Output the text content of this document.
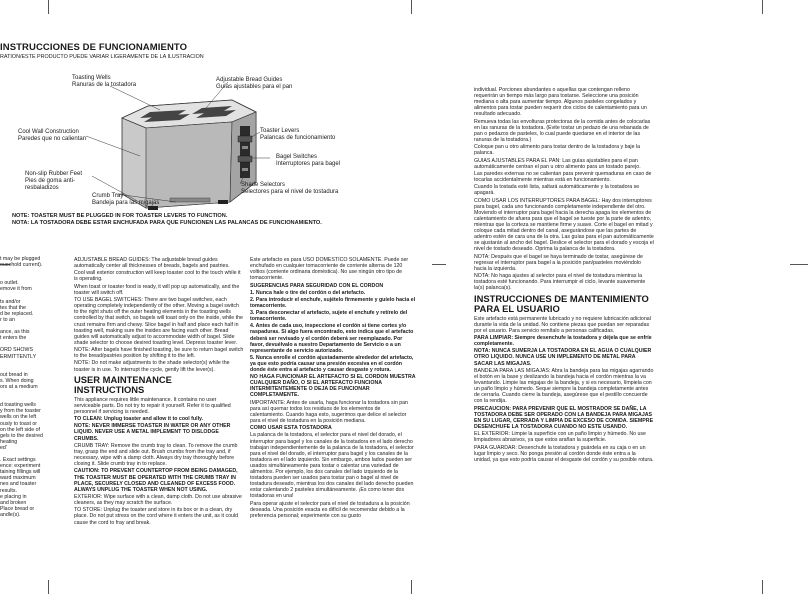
INSTRUCCIONES DE FUNCIONAMIENTO
RATION/ESTE PRODUCTO PUEDE VARIAR LIGERAMENTE DE LA ILUSTRACION
Toasting Wells
Ranuras de la tostadora
Adjustable Bread Guides
Guías ajustables para el pan
Cool Wall Construction
Paredes que no calientan
Toaster Levers
Palancas de funcionamiento
Bagel Switches
Interruptores para bagel
Non-slip Rubber Feet
Pies de goma anti-
resbaladizos	Shade Selectors
Selectores para el nivel de tostadura
Crumb Tray
Bandeja para las migajas
NOTE: TOASTER MUST BE PLUGGED IN FOR TOASTER LEVERS TO FUNCTION.
NOTA: LA TOSTADORA DEBE ESTAR ENCHUFADA PARA QUE FUNCIONEN LAS PALANCAS DE FUNCIONAMIENTO.
t may be plugged
ousehold current).
o outlet.
emove it from
ts and/or
tes that the
d be replaced.
r to an
ance, as this
t enters the
ORD SHOWS
ERMITTENTLY
out bread in
s. When doing
ors at a medium
d toasting wells
y from the toaster
wells on the left
ously to toast or
on the left side of
gels to the desired
heating
ed’
. Exact settings
ence: experiment
taining fillings will
ward maximum
nes and toaster
results.
e placing in
and broken
Place bread or
andle(s).

ADJUSTABLE BREAD GUIDES: The adjustable bread guides automatically center all thicknesses of breads, bagels and pastries.

Cool wall exterior construction will keep toaster cool to the touch while it is operating.

When toast or toaster food is ready, it will pop up automatically, and the toaster will switch off.

TO USE BAGEL SWITCHES: There are two bagel switches, each operating completely independently of the other. Moving a bagel switch to the right shuts off the outer heating elements in the toasting wells controlled by that switch, so bagels will toast only on the inside, while the crust remains firm and chewy. Slice bagel in half and place each half in toasting well, making sure the insides are facing each other. Bread guides will automatically adjust to accommodate width of bagel. Slide shade selector to choose desired toasting level. Depress toaster lever.

NOTE: After bagels have finished toasting, be sure to return bagel switch to the bread/pastries position by shifting it to the left.

NOTE: Do not make adjustments to the shade selector(s) while the toaster is in use. To interrupt the cycle, gently lift the lever(s).

USER MAINTENANCE INSTRUCTIONS

This appliance requires little maintenance. It contains no user serviceable parts. Do not try to repair it yourself. Refer it to qualified personnel if servicing is needed.

TO CLEAN: Unplug toaster and allow it to cool fully.

NOTE: NEVER IMMERSE TOASTER IN WATER OR ANY OTHER LIQUID. NEVER USE A METAL IMPLEMENT TO DISLODGE CRUMBS.

CRUMB TRAY: Remove the crumb tray to clean. To remove the crumb tray, grasp the end and slide out. Brush crumbs from the tray and, if necessary, wipe with a damp cloth. Always dry tray thoroughly before closing it. Slide crumb tray in to replace.

CAUTION: TO PREVENT COUNTERTOP FROM BEING DAMAGED, THE TOASTER MUST BE OPERATED WITH THE CRUMB TRAY IN PLACE, SECURELY CLOSED AND CLEANED OF EXCESS FOOD. ALWAYS UNPLUG THE TOASTER WHEN NOT USING.

EXTERIOR: Wipe surface with a clean, damp cloth. Do not use abrasive cleaners, as they may scratch the surface.

TO STORE: Unplug the toaster and store in its box or in a clean, dry place. Do not put stress on the cord where it enters the unit, as it could cause the cord to fray and break.

Este artefacto es para USO DOMESTICO SOLAMENTE. Puede ser enchufado en cualquier tomacorriente de corriente alterna de 120 voltios (corriente ordinaria doméstica). No use ningún otro tipo de tomacorriente.

SUGERENCIAS PARA SEGURIDAD CON EL CORDON

1. Nunca hale o tire del cordón o del artefacto.
2. Para introducir el enchufe, sujételo firmemente y guíelo hacia el tomacorriente.
3. Para desconectar el artefacto, sujete el enchufe y retírelo del tomacorriente.
4. Antes de cada uso, inspeccione el cordón si tiene cortes y/o raspaduras. Si algo fuera encontrado, esto indica que el artefacto deberá ser revisado y el cordón deberá ser reemplazado. Por favor, devuélvalo a nuestro Departamento de Servicio o a un representante de servicio autorizado.
5. Nunca enrolle el cordón ajustadamente alrededor del artefacto, ya que esto podría causar una presión excesiva en el cordón donde éste entra al artefacto y causar desgaste y rotura.

NO HAGA FUNCIONAR EL ARTEFACTO SI EL CORDON MUESTRA CUALQUIER DAÑO, O SI EL ARTEFACTO FUNCIONA INTERMITENTEMENTE O DEJA DE FUNCIONAR COMPLETAMENTE.

IMPORTANTE: Antes de usarla, haga funcionar la tostadora sin pan para así quemar todos los residuos de los elementos de calentamiento. Cuando haga esto, sugerimos que delice el selector para el nivel de tostadura en la posición mediana.

COMO USAR ESTA TOSTADORA

La palanca de la tostadora, el selector para el nivel del dorado, el interruptor para bagel y los canales de la tostadora en el lado derecho trabajan independientemente de la palanca de la tostadora, el selector para el nivel del dorado, el interruptor para bagel y los canales de la tostadora en el lado izquierdo. Sin embargo, ambos lados pueden ser usados simultáneamente para tostar o calentar una variedad de alimentos. Por ejemplo, los dos canales del lado izquierdo de la tostadora pueden ser usados para tostar pan o bagel al nivel de tostadura deseado, mientras los dos canales del lado derecho pueden estar calentando 2 pasteles simultáneamente. ¡Es como tener dos tostadoras en una!

Para operar ajuste el selector para el nivel de tostadura a la posición deseada. Una posición exacta es difícil de recomendar debido a la preferencia personal; experimente con su gusto

individual. Porciones abundantes o aquellas que contengan relleno requerirán un tiempo más largo para tostarse. Seleccione una posición mediana o alta para aumentar tiempo. Algunos pasteles congelados y alimentos para tostar pueden requerir dos ciclos de calentamiento para un resultado adecuado.

Remueva todas las envolturas protectoras de la comida antes de colocarlas en las ranuras de la tostadora. (Evite tostar un pedazo de una rebanada de pan o pedazos de pasteles, lo cual puede quedarse en el interior de las ranuras de la tostadora.)

Coloque pan u otro alimento para tostar dentro de la tostadora y baje la palanca.

GUIAS AJUSTABLES PARA EL PAN: Las guías ajustables para el pan automáticamente centran el pan u otro alimento para un tostado parejo.

Las paredes externas no se calientan para prevenir quemaduras en caso de tocarlas accidentalmente mientras está en funcionamiento.

Cuando la tostada esté lista, saltará automáticamente y la tostadora se apagará.

COMO USAR LOS INTERRUPTORES PARA BAGEL: Hay dos interruptores para bagel, cada uno funcionando completamente independiente del otro. Moviendo el interruptor para bagel hacia la derecha apaga los elementos de calentamiento de afuera para que el bagel se tueste por la parte de adentro, mientras que la corteza se mantiene firme y suave. Corte el bagel en mitad y coloque cada mitad dentro del canal, asegurándose que las partes de adentro estén de cara una de la otra. Las guías para el pan automáticamente se ajustarán al ancho del bagel. Deslice el selector para el dorado y escoja el nivel de tostado deseado. Oprima la palanca de la tostadora.

NOTA: Después que el bagel se haya terminado de tostar, asegúrese de regresar el interruptor para bagel a la posición pan/pasteles moviéndolo hacia la izquierda.

NOTA: No haga ajustes al selector para el nivel de tostadura mientras la tostadora esté funcionando. Para interrumpir el ciclo, levante suavemente la(s) palanca(s).

INSTRUCCIONES DE MANTENIMIENTO PARA EL USUARIO

Este artefacto está permanente lubricado y no requiere lubricación adicional durante la vida de la unidad. No contiene piezas que puedan ser reparadas por el usuario. Para servicio remítalo a personas calificadas.

PARA LIMPIAR: Siempre desenchufe la tostadora y déjela que se enfríe completamente.

NOTA: NUNCA SUMERJA LA TOSTADORA EN EL AGUA O CUALQUIER OTRO LIQUIDO. NUNCA USE UN IMPLEMENTO DE METAL PARA SACAR LAS MIGAJAS.

BANDEJA PARA LAS MIGAJAS: Abra la bandeja para las migajas agarrando el botón en la base y deslizando la bandeja hacia el cordón mientras la va levantando. Limpie las migajas de la bandeja, y si es necesario, límpiela con un paño limpio y húmedo. Seque siempre la bandeja completamente antes de cerrarla. Cuando cierre la bandeja, asegúrese que el pestillo concuerde con la rendija.

PRECAUCION: PARA PREVENIR QUE EL MOSTRADOR SE DAÑE, LA TOSTADORA DEBE SER OPERADO CON LA BANDEJA PARA MIGAJAS EN SU LUGAR, CERRADA Y LIMPIA DE EXCESO DE COMIDA. SIEMPRE DESENCHUFE LA TOSTADORA CUANDO NO ESTE USANDO.

EL EXTERIOR: Limpie la superficie con un paño limpio y húmedo. No use limpiadores abrasivos, ya que estos arañan la superficie.

PARA GUARDAR: Desenchufe la tostadora y guárdela en su caja o en un lugar limpio y seco. No ponga presión al cordón donde éste entra a la unidad, ya que esto podría causar el desgaste del cordón y su posible rotura.
